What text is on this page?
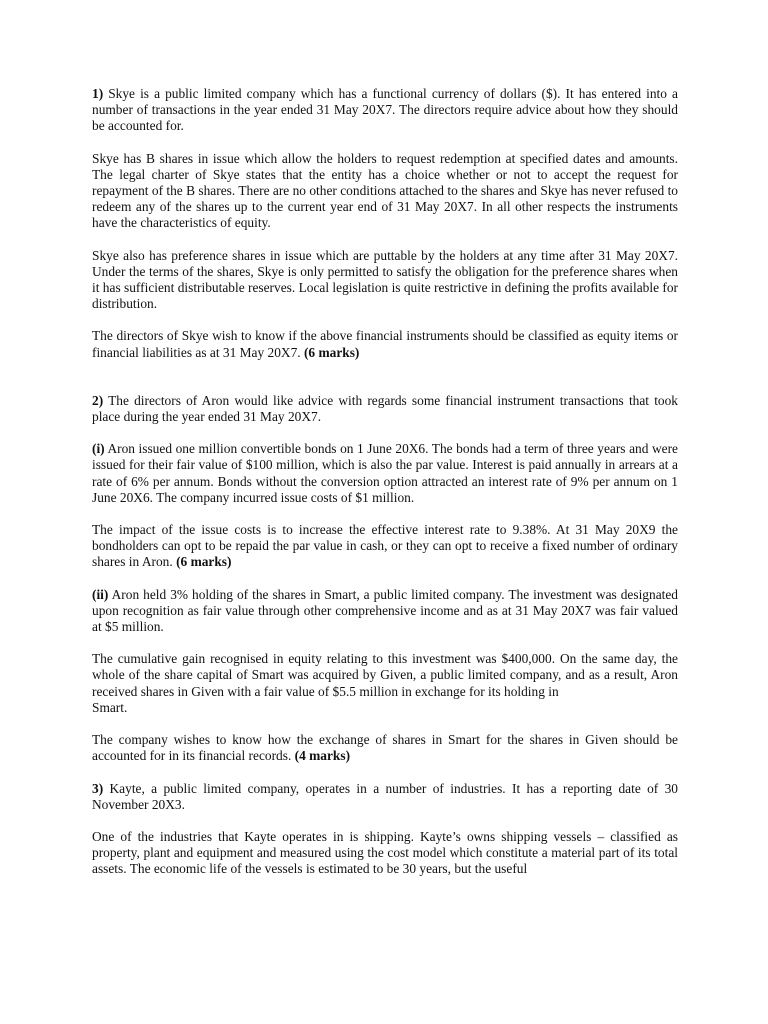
1) Skye is a public limited company which has a functional currency of dollars ($). It has entered into a number of transactions in the year ended 31 May 20X7. The directors require advice about how they should be accounted for.

Skye has B shares in issue which allow the holders to request redemption at specified dates and amounts. The legal charter of Skye states that the entity has a choice whether or not to accept the request for repayment of the B shares. There are no other conditions attached to the shares and Skye has never refused to redeem any of the shares up to the current year end of 31 May 20X7. In all other respects the instruments have the characteristics of equity.

Skye also has preference shares in issue which are puttable by the holders at any time after 31 May 20X7. Under the terms of the shares, Skye is only permitted to satisfy the obligation for the preference shares when it has sufficient distributable reserves. Local legislation is quite restrictive in defining the profits available for distribution.

The directors of Skye wish to know if the above financial instruments should be classified as equity items or financial liabilities as at 31 May 20X7. (6 marks)

2) The directors of Aron would like advice with regards some financial instrument transactions that took place during the year ended 31 May 20X7.

(i) Aron issued one million convertible bonds on 1 June 20X6. The bonds had a term of three years and were issued for their fair value of $100 million, which is also the par value. Interest is paid annually in arrears at a rate of 6% per annum. Bonds without the conversion option attracted an interest rate of 9% per annum on 1 June 20X6. The company incurred issue costs of $1 million.

The impact of the issue costs is to increase the effective interest rate to 9.38%. At 31 May 20X9 the bondholders can opt to be repaid the par value in cash, or they can opt to receive a fixed number of ordinary shares in Aron. (6 marks)

(ii) Aron held 3% holding of the shares in Smart, a public limited company. The investment was designated upon recognition as fair value through other comprehensive income and as at 31 May 20X7 was fair valued at $5 million.

The cumulative gain recognised in equity relating to this investment was $400,000. On the same day, the whole of the share capital of Smart was acquired by Given, a public limited company, and as a result, Aron received shares in Given with a fair value of $5.5 million in exchange for its holding in

Smart.

The company wishes to know how the exchange of shares in Smart for the shares in Given should be accounted for in its financial records. (4 marks)

3) Kayte, a public limited company, operates in a number of industries. It has a reporting date of 30 November 20X3.

One of the industries that Kayte operates in is shipping. Kayte’s owns shipping vessels – classified as property, plant and equipment and measured using the cost model which constitute a material part of its total assets. The economic life of the vessels is estimated to be 30 years, but the useful
